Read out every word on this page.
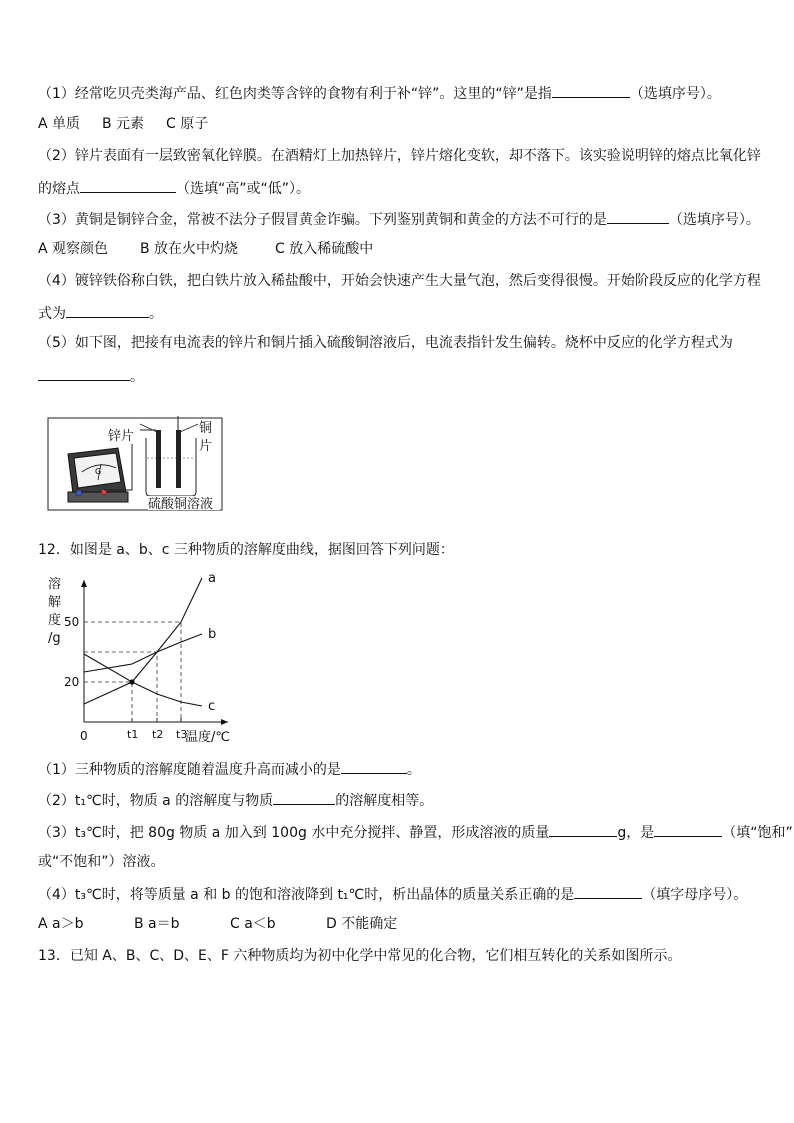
（1）经常吃贝壳类海产品、红色肉类等含锌的食物有利于补“锌”。这里的“锌”是指	（选填序号）。
A 单质 B 元素 C 原子
（2）锌片表面有一层致密氧化锌膜。在酒精灯上加热锌片，锌片熔化变软，却不落下。该实验说明锌的熔点比氧化锌
的熔点	（选填“高”或“低”）。
（3）黄铜是铜锌合金，常被不法分子假冒黄金诈骗。下列鉴别黄铜和黄金的方法不可行的是	（选填序号）。
A 观察颜色 B 放在火中灼烧	C 放入稀硫酸中
（4）镀锌铁俗称白铁，把白铁片放入稀盐酸中，开始会快速产生大量气泡，然后变得很慢。开始阶段反应的化学方程
式为	。
（5）如下图，把接有电流表的锌片和铜片插入硫酸铜溶液后，电流表指针发生偏转。烧杯中反应的化学方程式为
。
G
锌片
铜
片
硫酸铜溶液
12．如图是 a、b、c 三种物质的溶解度曲线，据图回答下列问题：
溶
解
度
/g
0	温度/℃
t1 t2 t3
20
50
a
b
c
（1）三种物质的溶解度随着温度升高而减小的是	。
（2）t₁℃时，物质 a 的溶解度与物质	的溶解度相等。
（3）t₃℃时，把 80g 物质 a 加入到 100g 水中充分搅拌、静置，形成溶液的质量	g，是	（填“饱和”
或“不饱和”）溶液。
（4）t₃℃时，将等质量 a 和 b 的饱和溶液降到 t₁℃时，析出晶体的质量关系正确的是	（填字母序号）。
A a＞b	B a＝b	C a＜b	D 不能确定
13．已知 A、B、C、D、E、F 六种物质均为初中化学中常见的化合物，它们相互转化的关系如图所示。
